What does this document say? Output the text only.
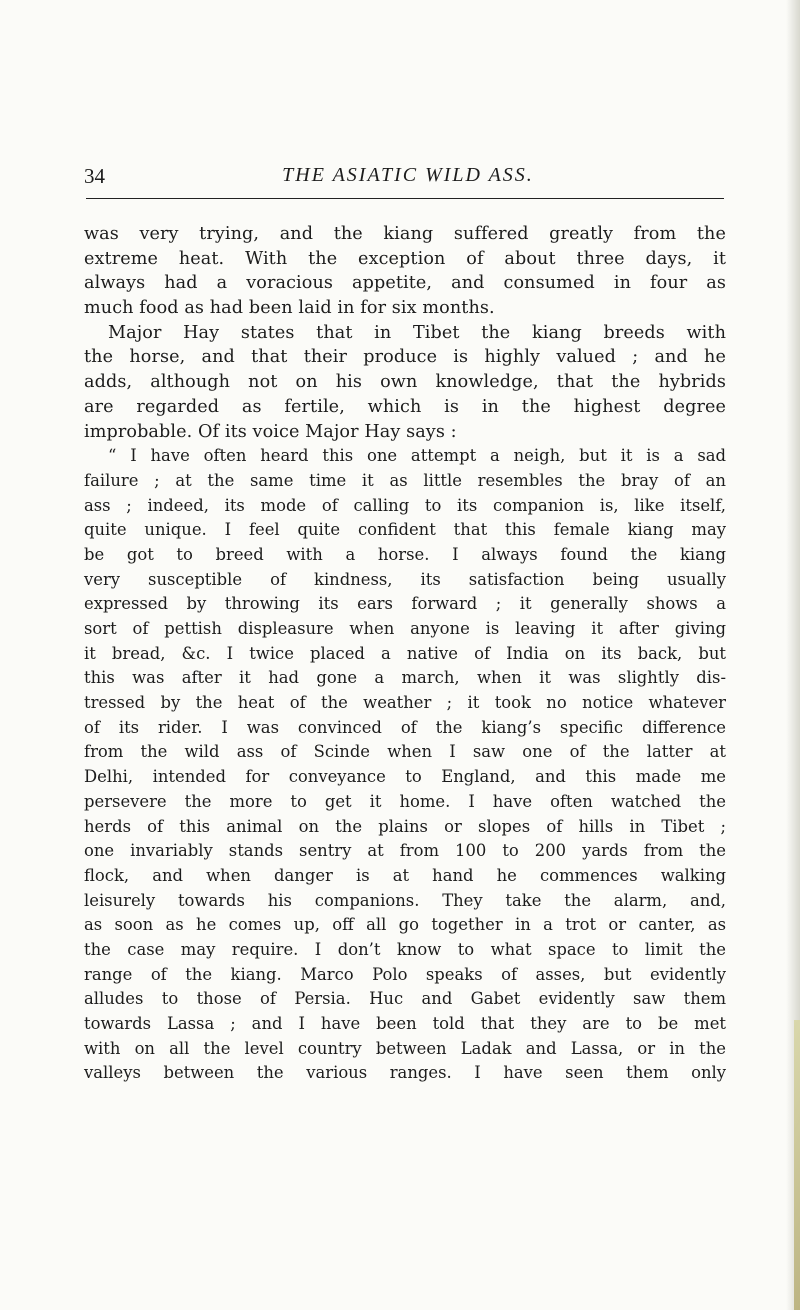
34	THE ASIATIC WILD ASS.
was very trying, and the kiang suffered greatly from the
extreme heat. With the exception of about three days, it
always had a voracious appetite, and consumed in four as
much food as had been laid in for six months.
Major Hay states that in Tibet the kiang breeds with
the horse, and that their produce is highly valued ; and he
adds, although not on his own knowledge, that the hybrids
are regarded as fertile, which is in the highest degree
improbable. Of its voice Major Hay says :
“ I have often heard this one attempt a neigh, but it is a sad
failure ; at the same time it as little resembles the bray of an
ass ; indeed, its mode of calling to its companion is, like itself,
quite unique. I feel quite confident that this female kiang may
be got to breed with a horse. I always found the kiang
very susceptible of kindness, its satisfaction being usually
expressed by throwing its ears forward ; it generally shows a
sort of pettish displeasure when anyone is leaving it after giving
it bread, &c. I twice placed a native of India on its back, but
this was after it had gone a march, when it was slightly dis-
tressed by the heat of the weather ; it took no notice whatever
of its rider. I was convinced of the kiang’s specific difference
from the wild ass of Scinde when I saw one of the latter at
Delhi, intended for conveyance to England, and this made me
persevere the more to get it home. I have often watched the
herds of this animal on the plains or slopes of hills in Tibet ;
one invariably stands sentry at from 100 to 200 yards from the
flock, and when danger is at hand he commences walking
leisurely towards his companions. They take the alarm, and,
as soon as he comes up, off all go together in a trot or canter, as
the case may require. I don’t know to what space to limit the
range of the kiang. Marco Polo speaks of asses, but evidently
alludes to those of Persia. Huc and Gabet evidently saw them
towards Lassa ; and I have been told that they are to be met
with on all the level country between Ladak and Lassa, or in the
valleys between the various ranges. I have seen them only
